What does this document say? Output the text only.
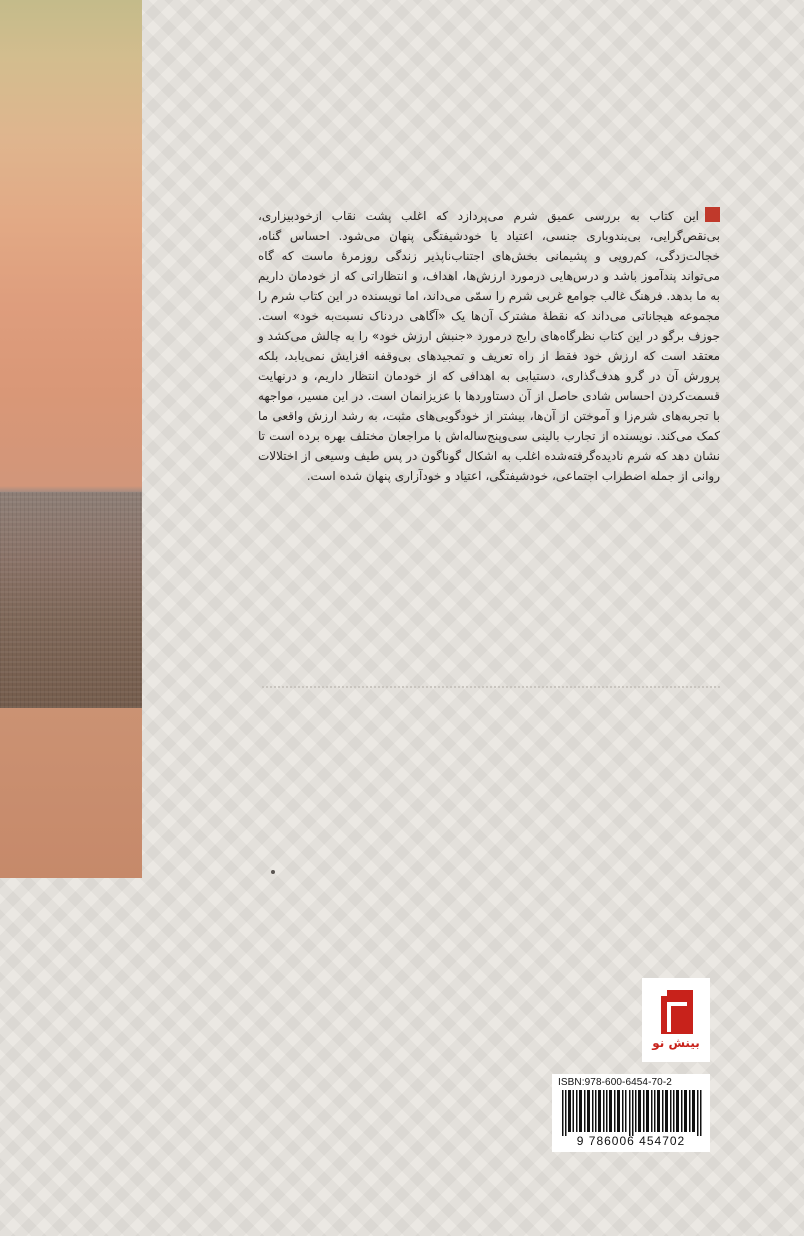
این کتاب به بررسی عمیق شرم می‌پردازد که اغلب پشت نقاب ازخودبیزاری، بی‌نقص‌گرایی، بی‌بندوباری جنسی، اعتیاد یا خودشیفتگی پنهان می‌شود. احساس گناه، خجالت‌زدگی، کم‌رویی و پشیمانی بخش‌های اجتناب‌ناپذیر زندگی روزمرهٔ ماست که گاه می‌تواند پندآموز باشد و درس‌هایی درمورد ارزش‌ها، اهداف، و انتظاراتی که از خودمان داریم به ما بدهد. فرهنگ غالب جوامع غربی شرم را سمّی می‌داند، اما نویسنده در این کتاب شرم را مجموعه هیجاناتی می‌داند که نقطهٔ مشترک آن‌ها یک «آگاهی دردناک نسبت‌به خود» است. جوزف برگو در این کتاب نظرگاه‌های رایج درمورد «جنبش ارزش خود» را به چالش می‌کشد و معتقد است که ارزش خود فقط از راه تعریف و تمجیدهای بی‌وقفه افزایش نمی‌یابد، بلکه پرورش آن در گرو هدف‌گذاری، دستیابی به اهدافی که از خودمان انتظار داریم، و درنهایت قسمت‌کردن احساس شادی حاصل از آن دستاوردها با عزیزانمان است. در این مسیر، مواجهه با تجربه‌های شرم‌زا و آموختن از آن‌ها، بیشتر از خودگویی‌های مثبت، به رشد ارزش واقعی ما کمک می‌کند. نویسنده از تجارب بالینی سی‌وپنج‌ساله‌اش با مراجعان مختلف بهره برده است تا نشان دهد که شرم نادیده‌گرفته‌شده اغلب به اشکال گوناگون در پس طیف وسیعی از اختلالات روانی از جمله اضطراب اجتماعی، خودشیفتگی، اعتیاد و خودآزاری پنهان شده است.
بینش نو
ISBN:978-600-6454-70-2
9 786006 454702
